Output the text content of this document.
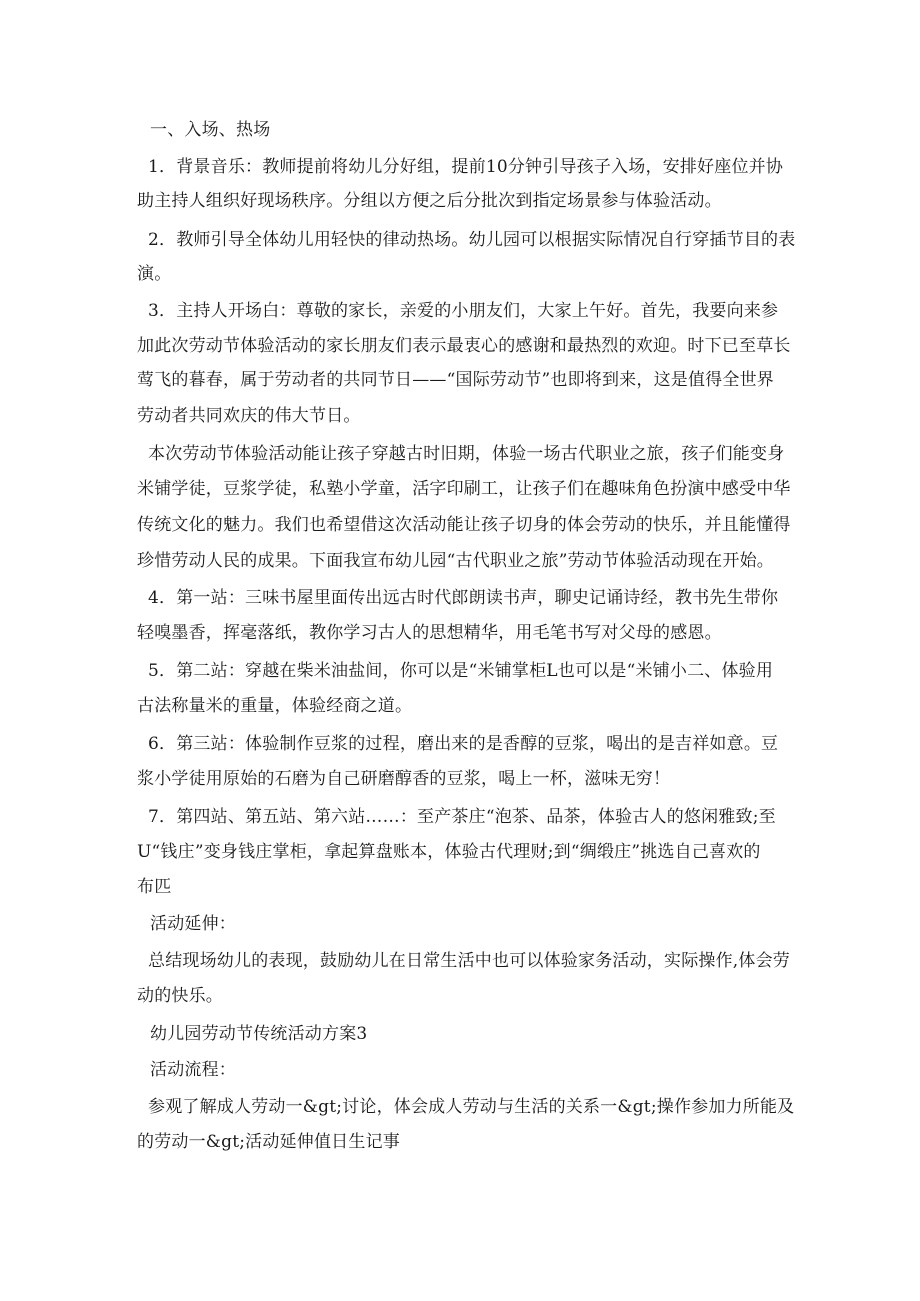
一、入场、热场
1．背景音乐：教师提前将幼儿分好组，提前10分钟引导孩子入场，安排好座位并协
助主持人组织好现场秩序。分组以方便之后分批次到指定场景参与体验活动。
2．教师引导全体幼儿用轻快的律动热场。幼儿园可以根据实际情况自行穿插节目的表
演。
3．主持人开场白：尊敬的家长，亲爱的小朋友们，大家上午好。首先，我要向来参
加此次劳动节体验活动的家长朋友们表示最衷心的感谢和最热烈的欢迎。时下已至草长
莺飞的暮春，属于劳动者的共同节日——“国际劳动节”也即将到来，这是值得全世界
劳动者共同欢庆的伟大节日。
本次劳动节体验活动能让孩子穿越古时旧期，体验一场古代职业之旅，孩子们能变身
米铺学徒，豆浆学徒，私塾小学童，活字印刷工，让孩子们在趣味角色扮演中感受中华
传统文化的魅力。我们也希望借这次活动能让孩子切身的体会劳动的快乐，并且能懂得
珍惜劳动人民的成果。下面我宣布幼儿园“古代职业之旅”劳动节体验活动现在开始。
4．第一站：三味书屋里面传出远古时代郎朗读书声，聊史记诵诗经，教书先生带你
轻嗅墨香，挥毫落纸，教你学习古人的思想精华，用毛笔书写对父母的感恩。
5．第二站：穿越在柴米油盐间，你可以是“米铺掌柜L也可以是“米铺小二、体验用
古法称量米的重量，体验经商之道。
6．第三站：体验制作豆浆的过程，磨出来的是香醇的豆浆，喝出的是吉祥如意。豆
浆小学徒用原始的石磨为自己研磨醇香的豆浆，喝上一杯，滋味无穷！
7．第四站、第五站、第六站……：至产茶庄“泡茶、品茶，体验古人的悠闲雅致;至
U“钱庄”变身钱庄掌柜，拿起算盘账本，体验古代理财;到“绸缎庄”挑选自己喜欢的
布匹
活动延伸：
总结现场幼儿的表现，鼓励幼儿在日常生活中也可以体验家务活动，实际操作,体会劳
动的快乐。
幼儿园劳动节传统活动方案3
活动流程：
参观了解成人劳动一&gt;讨论，体会成人劳动与生活的关系一&gt;操作参加力所能及
的劳动一&gt;活动延伸值日生记事
